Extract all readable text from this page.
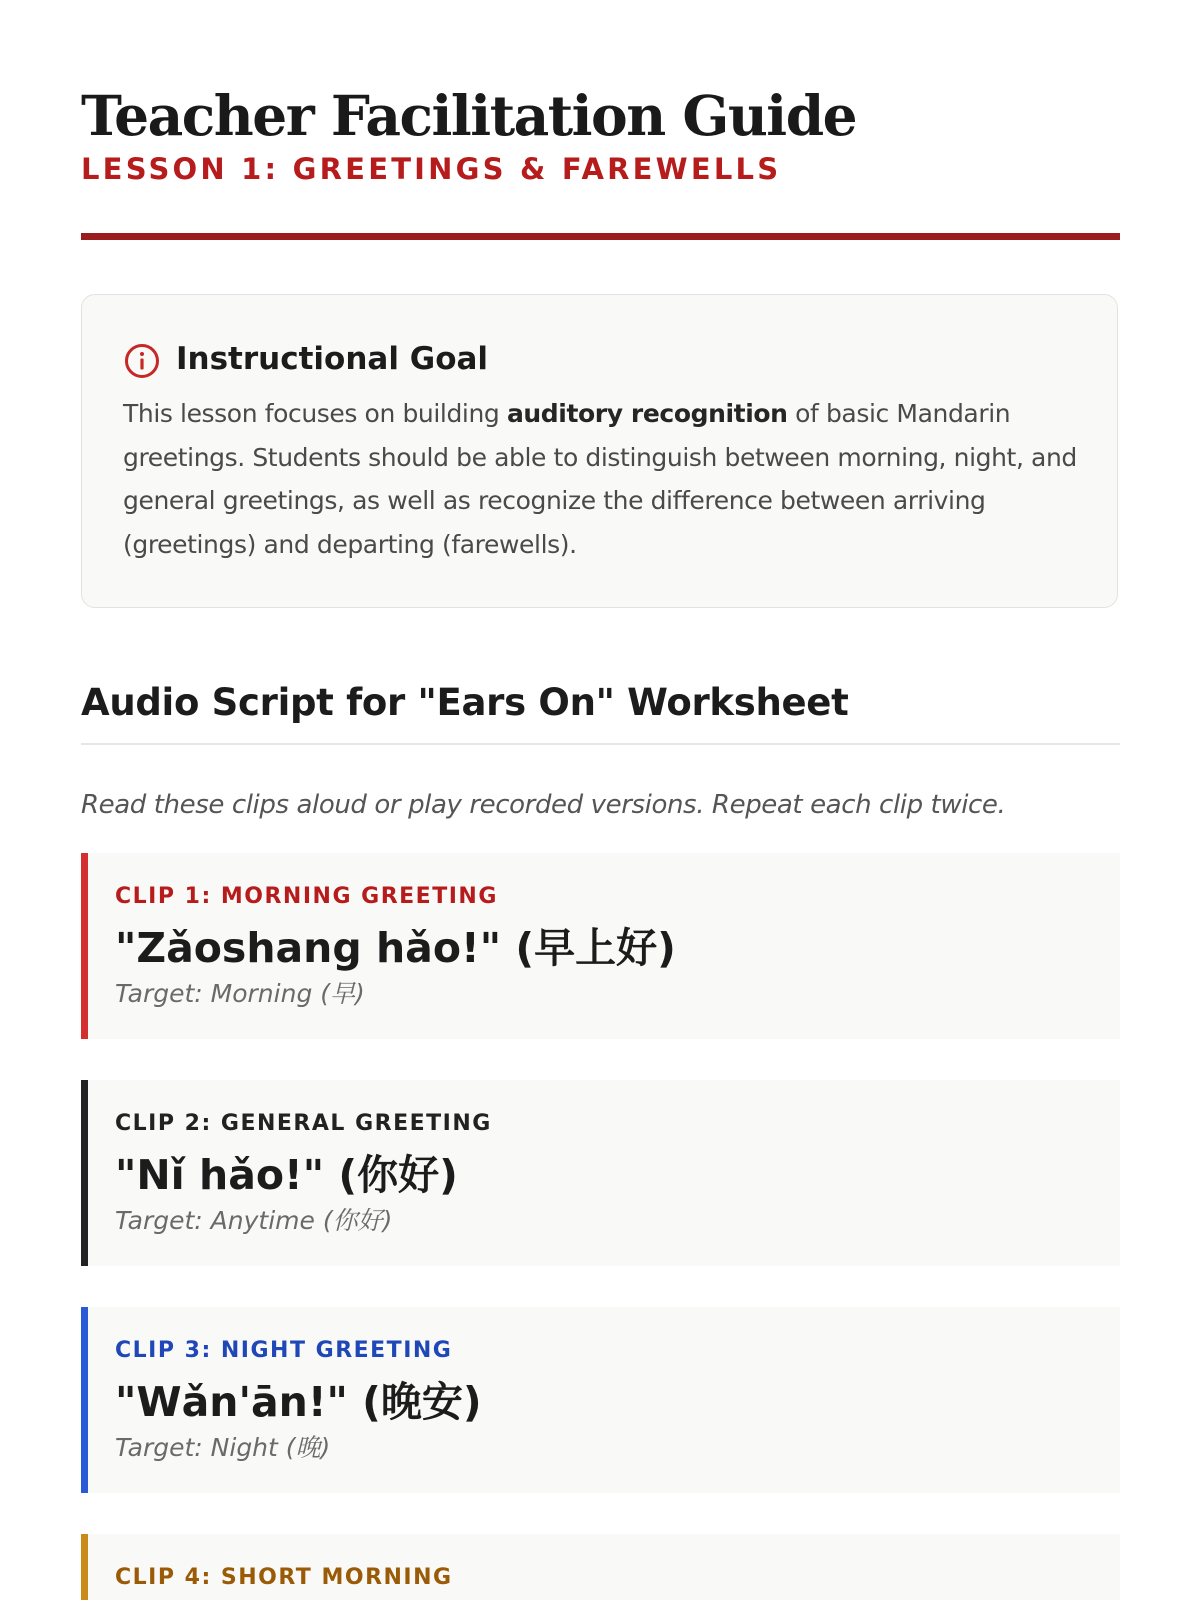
Teacher Facilitation Guide
LESSON 1: GREETINGS & FAREWELLS
Instructional Goal
This lesson focuses on building auditory recognition of basic Mandarin greetings. Students should be able to distinguish between morning, night, and general greetings, as well as recognize the difference between arriving (greetings) and departing (farewells).
Audio Script for "Ears On" Worksheet
Read these clips aloud or play recorded versions. Repeat each clip twice.
CLIP 1: MORNING GREETING
"Zǎoshang hǎo!" (早上好)
Target: Morning (早)
CLIP 2: GENERAL GREETING
"Nǐ hǎo!" (你好)
Target: Anytime (你好)
CLIP 3: NIGHT GREETING
"Wǎn'ān!" (晚安)
Target: Night (晚)
CLIP 4: SHORT MORNING
